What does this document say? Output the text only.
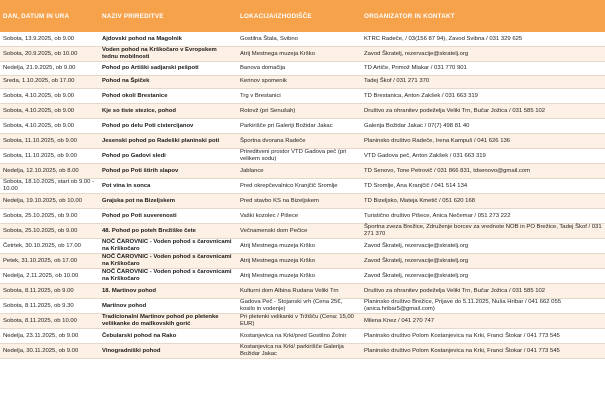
DAN, DATUM IN URA	NAZIV PRIREDITVE	LOKACIJA/IZHODIŠČE	ORGANIZATOR IN KONTAKT
Sobota, 13.9.2025, ob 9.00	Ajdovski pohod na Magolnik	Gostilna Štala, Svibno	KTRC Radeče, / 03(156 87 94), Zavod Svibna / 031 329 625
Sobota, 20.9.2025, ob 10.00	Voden pohod na Krškočaro v Evropskem tednu mobilnosti	Atrij Mestnega muzeja Krško	Zavod Škratelj, rezervacije@skratelj.org
Nedelja, 21.9.2025, ob 9.00	Pohod po Artiški sadjarski pešpoti	Banova domačija	TD Artiče, Primož Mlakar / 031 770 901
Sreda, 1.10.2025, ob 17.00	Pohod na Špiček	Kerinov spomenik	Tadej Škof / 031 271 370
Sobota, 4.10.2025, ob 9.00	Pohod okoli Brestanice	Trg v Brestanici	TD Brestanica, Anton Zakšek / 031 663 319
Sobota, 4.10.2025, ob 9.00	Kje so tiste stezice, pohod	Rotovž (pri Senušah)	Društvo za ohranitev podeželja Veliki Trn, Bučar Jožica / 031 585 102
Sobota, 4.10.2025, ob 9.00	Pohod po delu Poti cistercijanov	Parkirišče pri Galeriji Božidar Jakac	Galerija Božidar Jakac / 07(7) 498 81 40
Sobota, 11.10.2025, ob 9.00	Jesenski pohod po Radeški planinski poti	Športna dvorana Radeče	Planinsko društvo Radeče, Irena Kampuš / 041 626 136
Sobota, 11.10.2025, ob 9.00	Pohod po Gadovi sledi	Prireditveni prostor VTD Gadova peč (pri velikem sodu)	VTD Gadova peč, Anton Zakšek / 031 663 319
Nedelja, 12.10.2025, ob 8.00	Pohod po Poti štirih slapov	Jablance	TD Senovo, Tone Petrovič / 031 866 831, tdsenovo@gmail.com
Sobota, 18.10.2025, start ob 9.00 - 10.00	Pot vina in sonca	Pred okrepčevalnico Kranjčič Sromlje	TD Sromlje, Ana Kranjčič / 041 514 134
Nedelja, 19.10.2025, ob 10.00	Grajska pot na Bizeljskem	Pred stavbo KS na Bizeljskem	TD Bizeljsko, Mateja Kmetič / 051 620 168
Sobota, 25.10.2025, ob 9.00	Pohod po Poti suverenosti	Vaški kozolec / Pišece	Turistično društvo Pišece, Anica Nečemar / 051 273 222
Sobota, 25.10.2025, ob 9.00	48. Pohod po poteh Brežiške čete	Večnamenski dom Pečice	Športna zveza Brežice, Združenje borcev za vrednote NOB in PO Brežice, Tadej Škof / 031 271 370
Četrtek, 30.10.2025, ob 17.00	NOČ ČAROVNIC - Voden pohod s čarovnicami na Krškočaro	Atrij Mestnega muzeja Krško	Zavod Škratelj, rezervacije@skratelj.org
Petek, 31.10.2025, ob 17.00	NOČ ČAROVNIC - Voden pohod s čarovnicami na Krškočaro	Atrij Mestnega muzeja Krško	Zavod Škratelj, rezervacije@skratelj.org
Nedelja, 2.11.2025, ob 10.00	NOČ ČAROVNIC - Voden pohod s čarovnicami na Krškočaro	Atrij Mestnega muzeja Krško	Zavod Škratelj, rezervacije@skratelj.org
Sobota, 8.11.2025, ob 9.00	18. Martinov pohod	Kulturni dom Albina Rudana Veliki Trn	Društvo za ohranitev podeželja Veliki Trn, Bučar Jožica / 031 585 102
Sobota, 8.11.2025, ob 9.30	Martinov pohod	Gadova Peč - Stojanski vrh (Cena 25€, kosilo in vodenje)	Planinsko društvo Brežice, Prijave do 5.11.2025, Nuša Hribar / 041 662 055 (anica.hribar5@gmail.com)
Sobota, 8.11.2025, ob 10.00	Tradicionalni Martinov pohod po pletenke veliikanke do mailkovskih gorić	Pri pletenki velikanki v Tržišču (Cena: 15,00 EUR)	Milena Knez / 041 270 747
Nedelja, 23.11.2025, ob 9.00	Čebularski pohod na Rako	Kostanjevica na Krki/pred Gostilno Žolnir	Planinsko društvo Polom Kostanjevica na Krki, Franci Štokar / 041 773 545
Nedelja, 30.11.2025, ob 9.00	Vinogradniški pohod	Kostanjevica na Krki/ parkirišče Galerija Božidar Jakac	Planinsko društvo Polom Kostanjevica na Krki, Franci Štokar / 041 773 545
